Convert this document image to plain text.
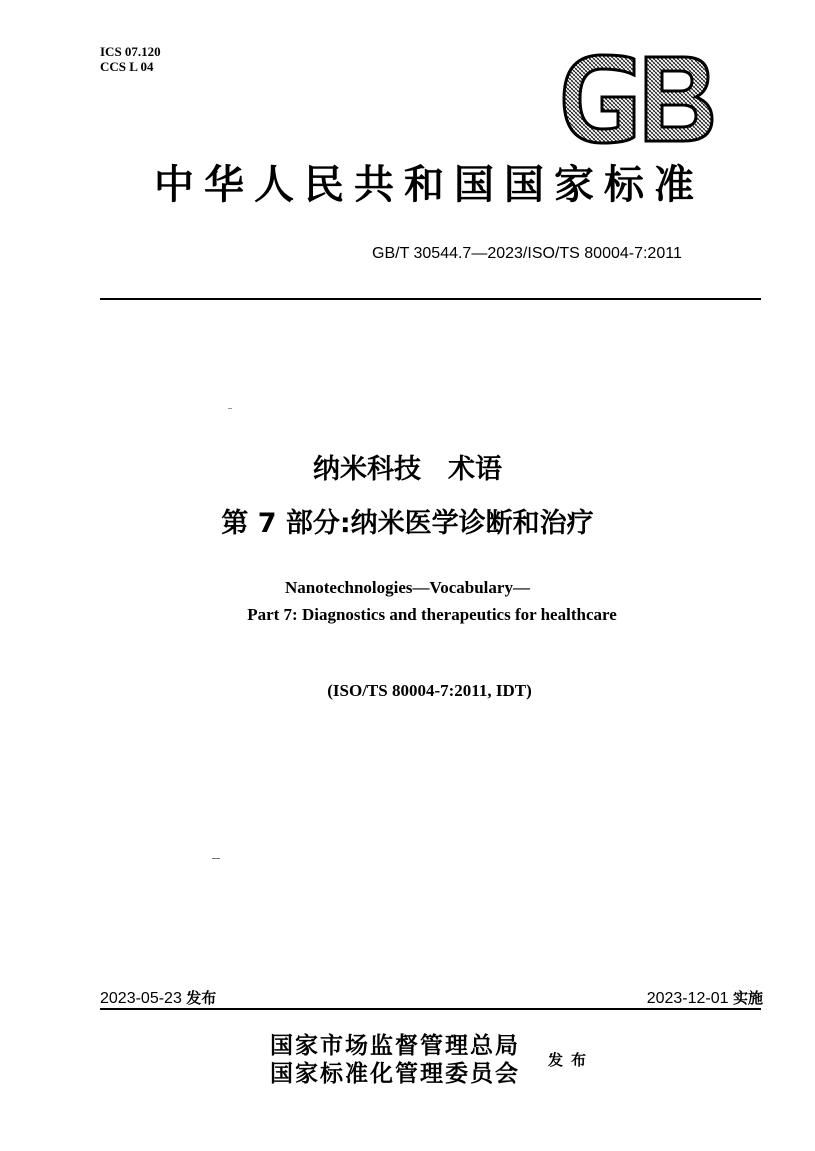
ICS 07.120
CCS L 04
中华人民共和国国家标准
GB/T 30544.7—2023/ISO/TS 80004-7:2011
纳米科技　术语
第 7 部分:纳米医学诊断和治疗
Nanotechnologies—Vocabulary—
Part 7: Diagnostics and therapeutics for healthcare
(ISO/TS 80004-7:2011, IDT)
2023-05-23 发布	2023-12-01 实施
国家市场监督管理总局
国家标准化管理委员会 发布
